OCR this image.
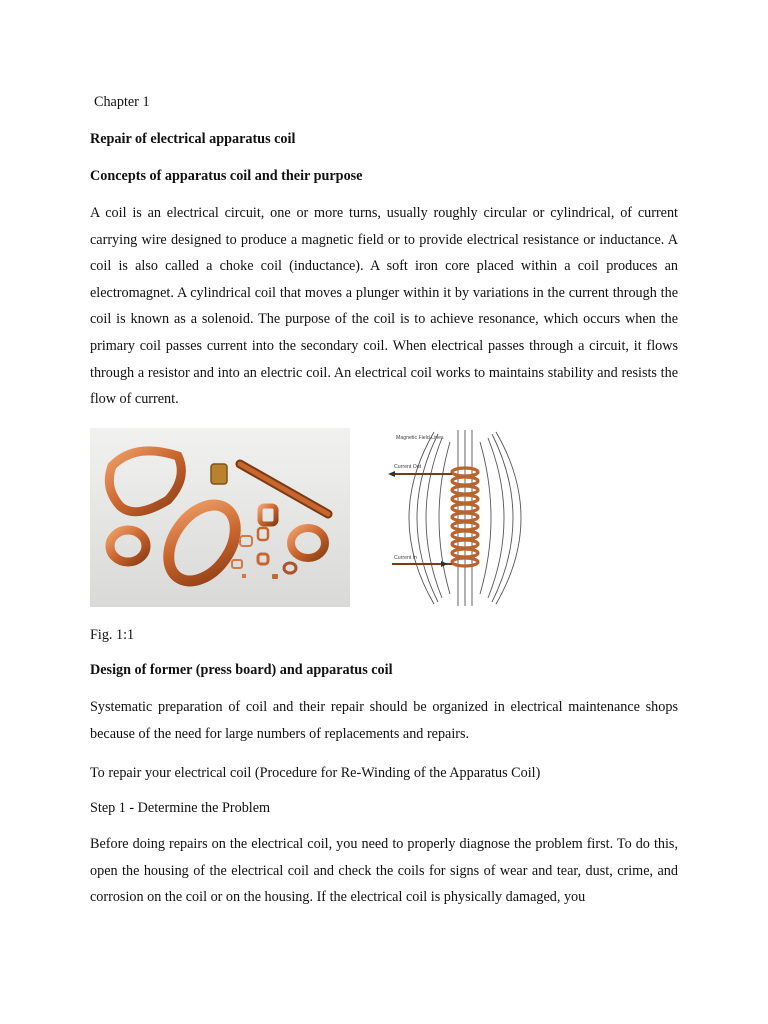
Chapter 1
Repair of electrical apparatus coil
Concepts of apparatus coil and their purpose

A coil is an electrical circuit, one or more turns, usually roughly circular or cylindrical, of current carrying wire designed to produce a magnetic field or to provide electrical resistance or inductance. A coil is also called a choke coil (inductance). A soft iron core placed within a coil produces an electromagnet. A cylindrical coil that moves a plunger within it by variations in the current through the coil is known as a solenoid. The purpose of the coil is to achieve resonance, which occurs when the primary coil passes current into the secondary coil. When electrical passes through a circuit, it flows through a resistor and into an electric coil. An electrical coil works to maintains stability and resists the flow of current.

Magnetic Field Lines
Current Out
Current In
Fig. 1:1
Design of former (press board) and apparatus coil

Systematic preparation of coil and their repair should be organized in electrical maintenance shops because of the need for large numbers of replacements and repairs.

To repair your electrical coil (Procedure for Re-Winding of the Apparatus Coil)
Step 1 - Determine the Problem

Before doing repairs on the electrical coil, you need to properly diagnose the problem first. To do this, open the housing of the electrical coil and check the coils for signs of wear and tear, dust, crime, and corrosion on the coil or on the housing. If the electrical coil is physically damaged, you
